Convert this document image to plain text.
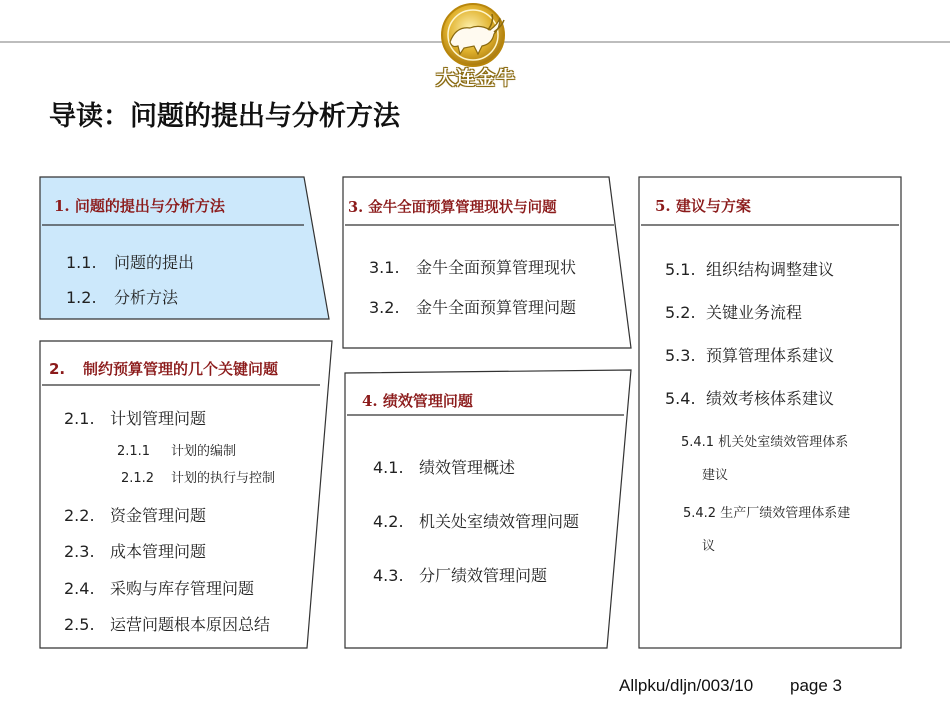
大连金牛
导读：问题的提出与分析方法
1. 问题的提出与分析方法
1.1. 问题的提出
1.2. 分析方法
2. 制约预算管理的几个关键问题
2.1. 计划管理问题
2.1.1 计划的编制
2.1.2 计划的执行与控制
2.2. 资金管理问题
2.3. 成本管理问题
2.4. 采购与库存管理问题
2.5. 运营问题根本原因总结
3. 金牛全面预算管理现状与问题
3.1. 金牛全面预算管理现状
3.2. 金牛全面预算管理问题
4. 绩效管理问题
4.1. 绩效管理概述
4.2. 机关处室绩效管理问题
4.3. 分厂绩效管理问题
5. 建议与方案
5.1. 组织结构调整建议
5.2. 关键业务流程
5.3. 预算管理体系建议
5.4. 绩效考核体系建议
5.4.1 机关处室绩效管理体系
建议
5.4.2 生产厂绩效管理体系建
议
Allpku/dljn/003/10 page 3
